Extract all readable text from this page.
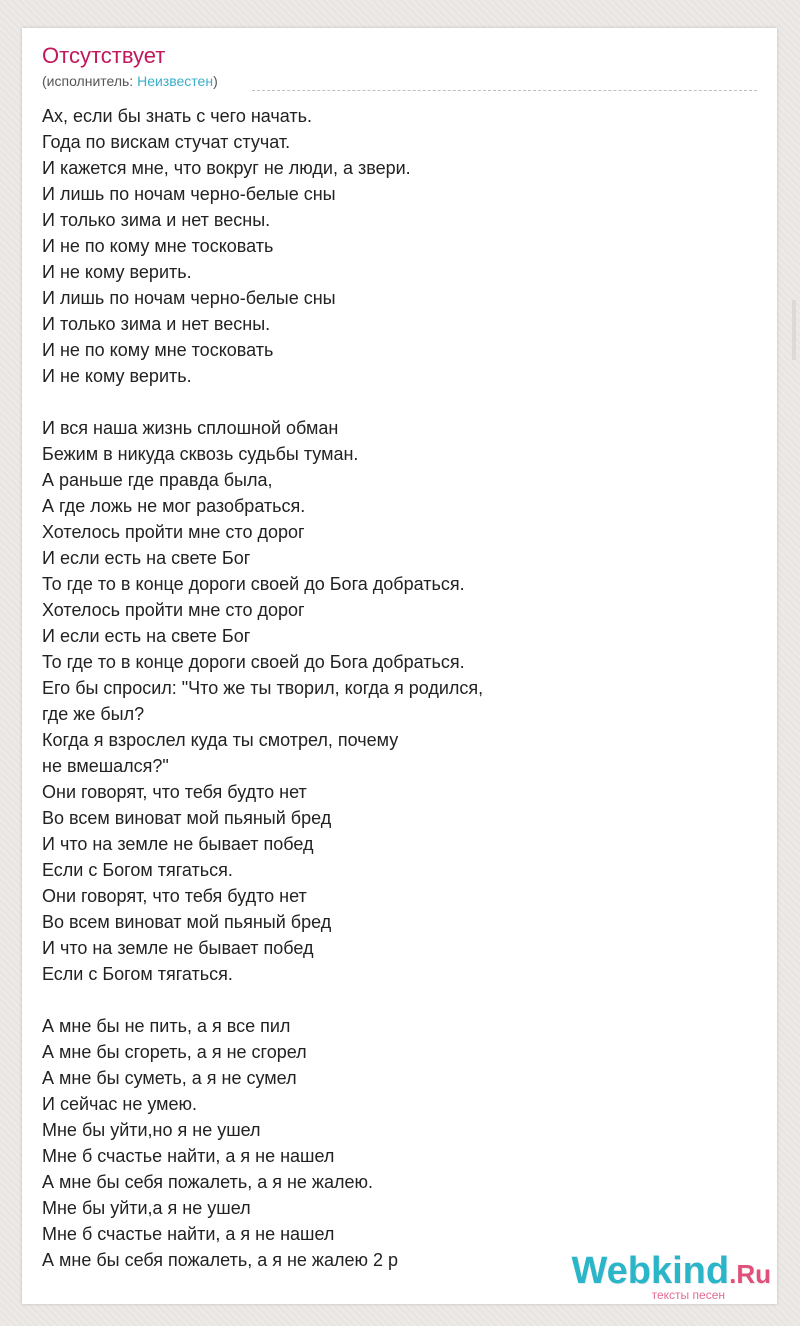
Отсутствует
(исполнитель: Неизвестен)
Ах, если бы знать с чего начать.
Года по вискам стучат стучат.
И кажется мне, что вокруг не люди, а звери.
И лишь по ночам черно-белые сны
И только зима и нет весны.
И не по кому мне тосковать
И не кому верить.
И лишь по ночам черно-белые сны
И только зима и нет весны.
И не по кому мне тосковать
И не кому верить.
И вся наша жизнь сплошной обман
Бежим в никуда сквозь судьбы туман.
А раньше где правда была,
А где ложь не мог разобраться.
Хотелось пройти мне сто дорог
И если есть на свете Бог
То где то в конце дороги своей до Бога добраться.
Хотелось пройти мне сто дорог
И если есть на свете Бог
То где то в конце дороги своей до Бога добраться.
Его бы спросил: "Что же ты творил, когда я родился,
где же был?
Когда я взрослел куда ты смотрел, почему
не вмешался?"
Они говорят, что тебя будто нет
Во всем виноват мой пьяный бред
И что на земле не бывает побед
Если с Богом тягаться.
Они говорят, что тебя будто нет
Во всем виноват мой пьяный бред
И что на земле не бывает побед
Если с Богом тягаться.
А мне бы не пить, а я все пил
А мне бы сгореть, а я не сгорел
А мне бы суметь, а я не сумел
И сейчас не умею.
Мне бы уйти,но я не ушел
Мне б счастье найти, а я не нашел
А мне бы себя пожалеть, а я не жалею.
Мне бы уйти,а я не ушел
Мне б счастье найти, а я не нашел
А мне бы себя пожалеть, а я не жалею 2 р	Webkind.Ru
тексты песен
